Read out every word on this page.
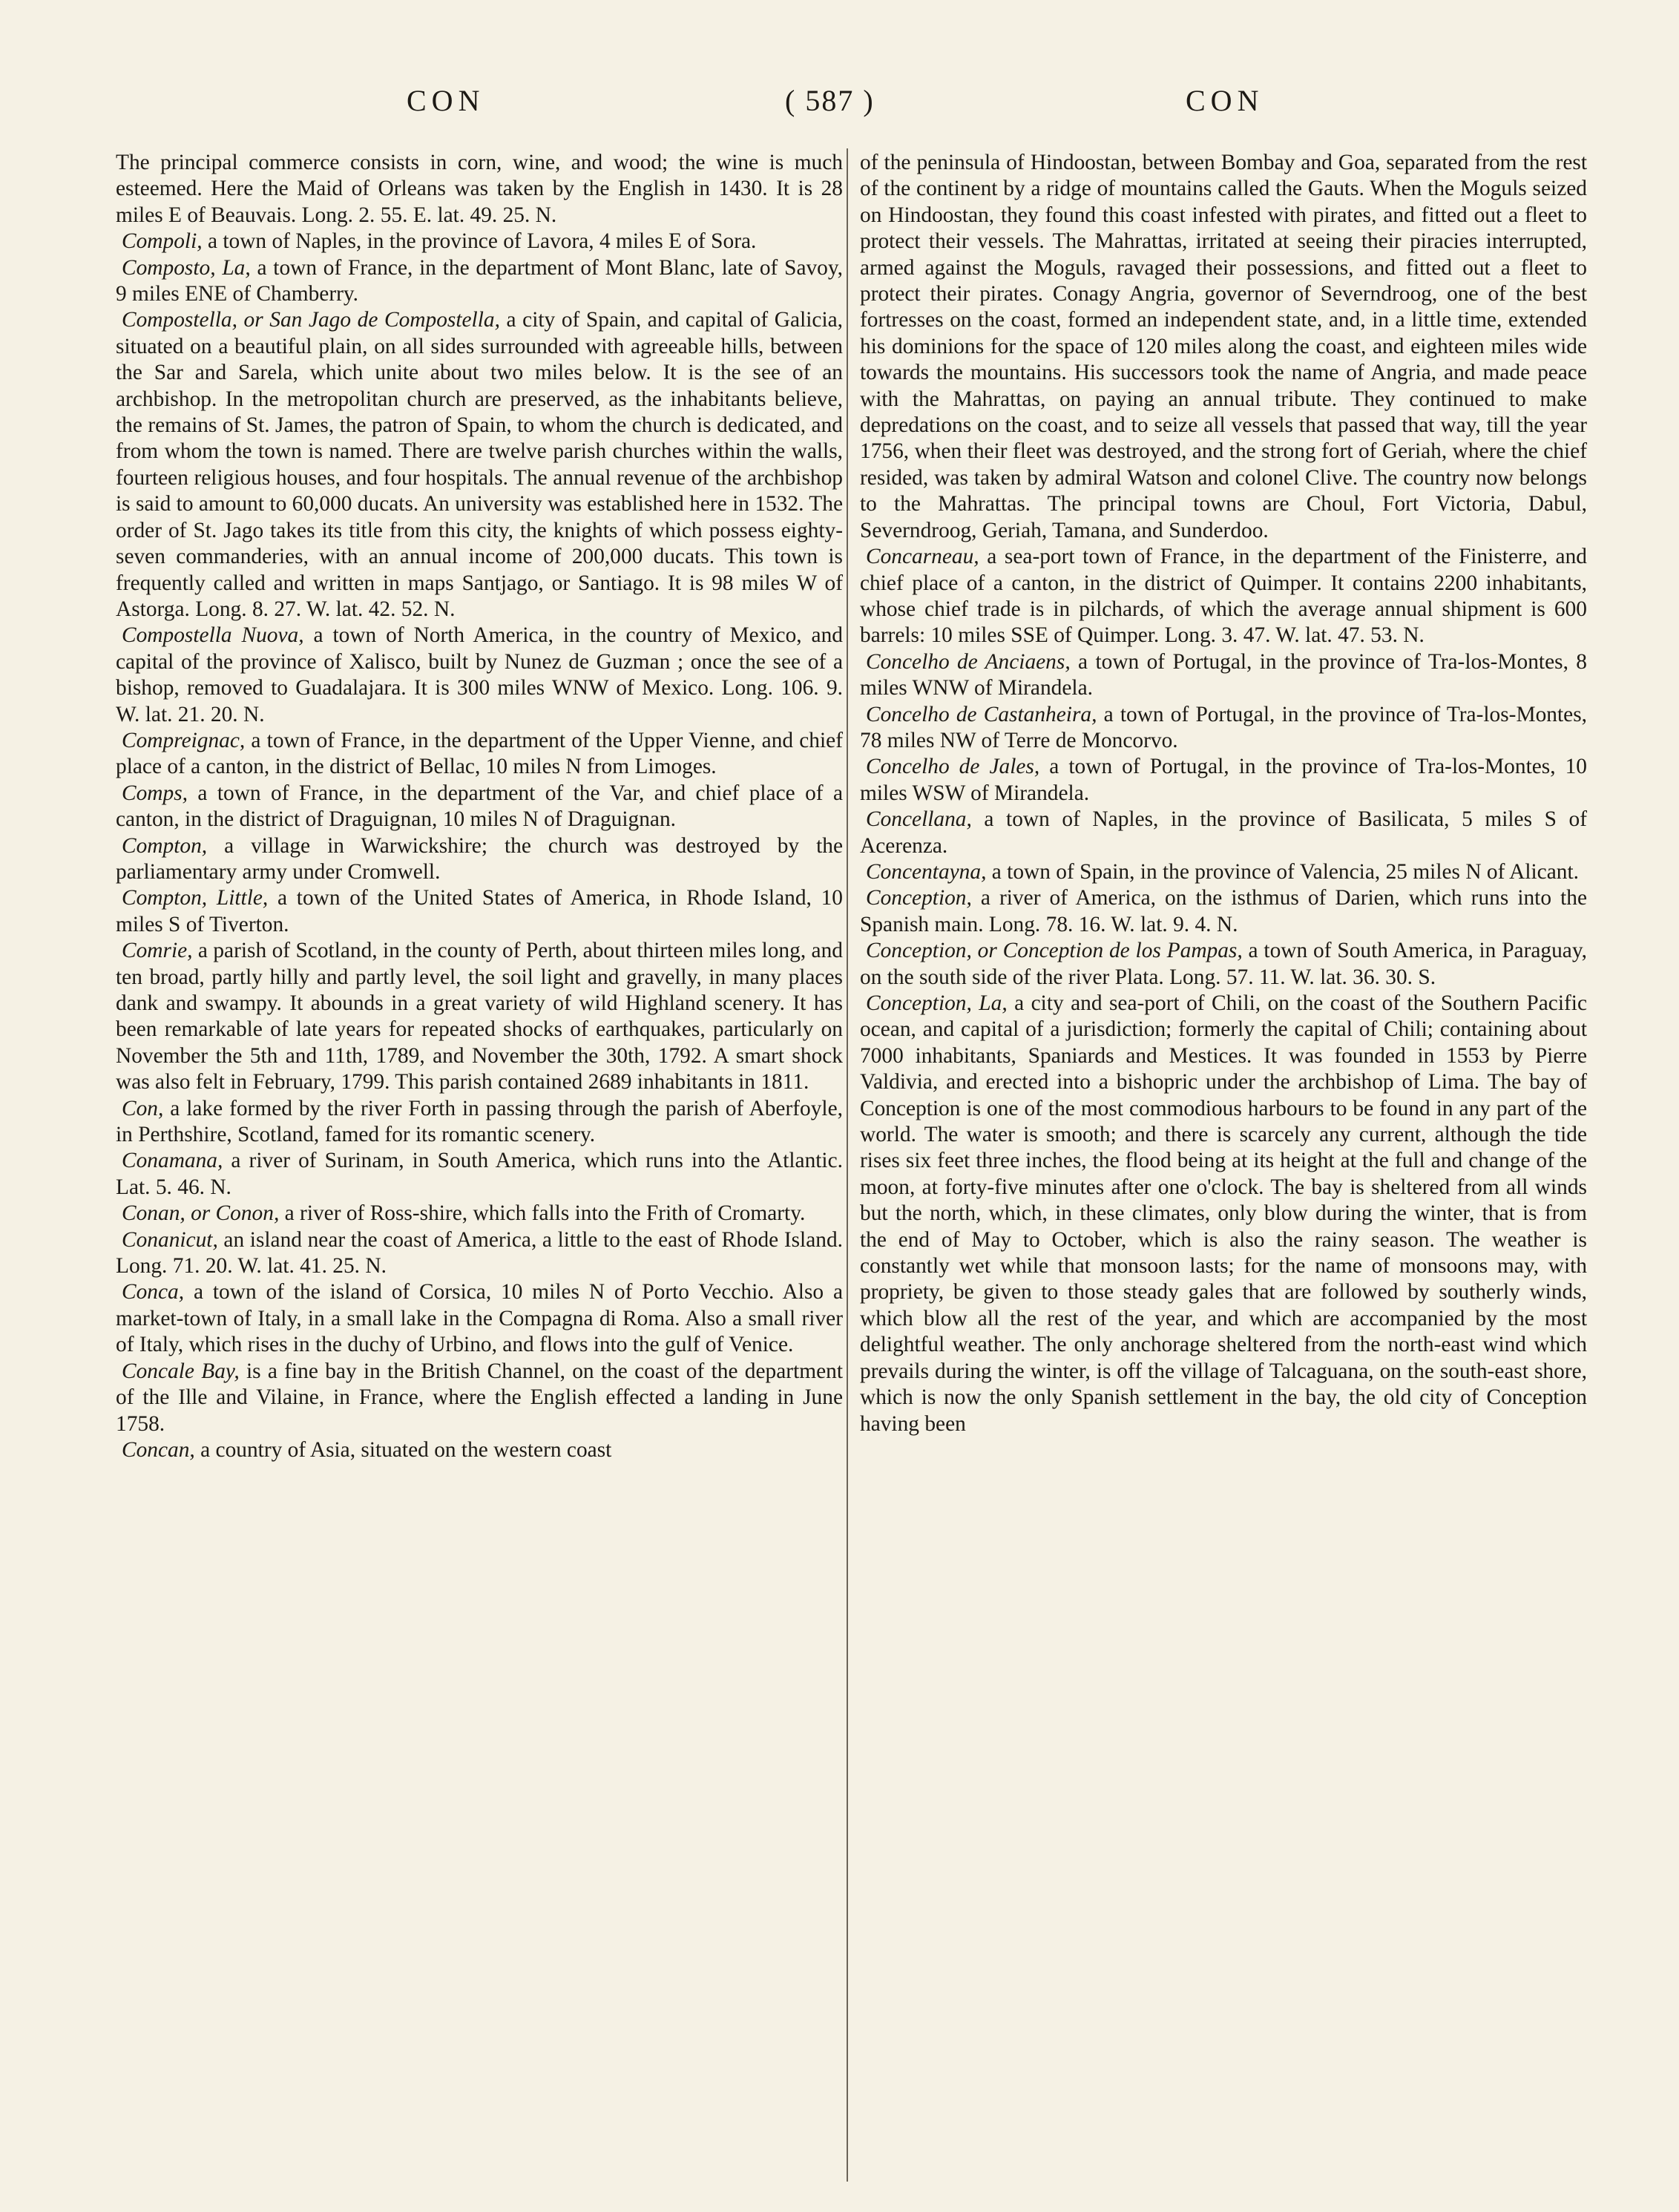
CON	( 587 )	CON

The principal commerce consists in corn, wine, and wood; the wine is much esteemed. Here the Maid of Orleans was taken by the English in 1430. It is 28 miles E of Beauvais. Long. 2. 55. E. lat. 49. 25. N.

Compoli, a town of Naples, in the province of Lavora, 4 miles E of Sora.

Composto, La, a town of France, in the department of Mont Blanc, late of Savoy, 9 miles ENE of Chamberry.

Compostella, or San Jago de Compostella, a city of Spain, and capital of Galicia, situated on a beautiful plain, on all sides surrounded with agreeable hills, between the Sar and Sarela, which unite about two miles below. It is the see of an archbishop. In the metropolitan church are preserved, as the inhabitants believe, the remains of St. James, the patron of Spain, to whom the church is dedicated, and from whom the town is named. There are twelve parish churches within the walls, fourteen religious houses, and four hospitals. The annual revenue of the archbishop is said to amount to 60,000 ducats. An university was established here in 1532. The order of St. Jago takes its title from this city, the knights of which possess eighty-seven commanderies, with an annual income of 200,000 ducats. This town is frequently called and written in maps Santjago, or Santiago. It is 98 miles W of Astorga. Long. 8. 27. W. lat. 42. 52. N.

Compostella Nuova, a town of North America, in the country of Mexico, and capital of the province of Xalisco, built by Nunez de Guzman ; once the see of a bishop, removed to Guadalajara. It is 300 miles WNW of Mexico. Long. 106. 9. W. lat. 21. 20. N.

Compreignac, a town of France, in the department of the Upper Vienne, and chief place of a canton, in the district of Bellac, 10 miles N from Limoges.

Comps, a town of France, in the department of the Var, and chief place of a canton, in the district of Draguignan, 10 miles N of Draguignan.

Compton, a village in Warwickshire; the church was destroyed by the parliamentary army under Cromwell.

Compton, Little, a town of the United States of America, in Rhode Island, 10 miles S of Tiverton.

Comrie, a parish of Scotland, in the county of Perth, about thirteen miles long, and ten broad, partly hilly and partly level, the soil light and gravelly, in many places dank and swampy. It abounds in a great variety of wild Highland scenery. It has been remarkable of late years for repeated shocks of earthquakes, particularly on November the 5th and 11th, 1789, and November the 30th, 1792. A smart shock was also felt in February, 1799. This parish contained 2689 inhabitants in 1811.

Con, a lake formed by the river Forth in passing through the parish of Aberfoyle, in Perthshire, Scotland, famed for its romantic scenery.

Conamana, a river of Surinam, in South America, which runs into the Atlantic. Lat. 5. 46. N.

Conan, or Conon, a river of Ross-shire, which falls into the Frith of Cromarty.

Conanicut, an island near the coast of America, a little to the east of Rhode Island. Long. 71. 20. W. lat. 41. 25. N.

Conca, a town of the island of Corsica, 10 miles N of Porto Vecchio. Also a market-town of Italy, in a small lake in the Compagna di Roma. Also a small river of Italy, which rises in the duchy of Urbino, and flows into the gulf of Venice.

Concale Bay, is a fine bay in the British Channel, on the coast of the department of the Ille and Vilaine, in France, where the English effected a landing in June 1758.

Concan, a country of Asia, situated on the western coast

of the peninsula of Hindoostan, between Bombay and Goa, separated from the rest of the continent by a ridge of mountains called the Gauts. When the Moguls seized on Hindoostan, they found this coast infested with pirates, and fitted out a fleet to protect their vessels. The Mahrattas, irritated at seeing their piracies interrupted, armed against the Moguls, ravaged their possessions, and fitted out a fleet to protect their pirates. Conagy Angria, governor of Severndroog, one of the best fortresses on the coast, formed an independent state, and, in a little time, extended his dominions for the space of 120 miles along the coast, and eighteen miles wide towards the mountains. His successors took the name of Angria, and made peace with the Mahrattas, on paying an annual tribute. They continued to make depredations on the coast, and to seize all vessels that passed that way, till the year 1756, when their fleet was destroyed, and the strong fort of Geriah, where the chief resided, was taken by admiral Watson and colonel Clive. The country now belongs to the Mahrattas. The principal towns are Choul, Fort Victoria, Dabul, Severndroog, Geriah, Tamana, and Sunderdoo.

Concarneau, a sea-port town of France, in the department of the Finisterre, and chief place of a canton, in the district of Quimper. It contains 2200 inhabitants, whose chief trade is in pilchards, of which the average annual shipment is 600 barrels: 10 miles SSE of Quimper. Long. 3. 47. W. lat. 47. 53. N.

Concelho de Anciaens, a town of Portugal, in the province of Tra-los-Montes, 8 miles WNW of Mirandela.

Concelho de Castanheira, a town of Portugal, in the province of Tra-los-Montes, 78 miles NW of Terre de Moncorvo.

Concelho de Jales, a town of Portugal, in the province of Tra-los-Montes, 10 miles WSW of Mirandela.

Concellana, a town of Naples, in the province of Basilicata, 5 miles S of Acerenza.

Concentayna, a town of Spain, in the province of Valencia, 25 miles N of Alicant.

Conception, a river of America, on the isthmus of Darien, which runs into the Spanish main. Long. 78. 16. W. lat. 9. 4. N.

Conception, or Conception de los Pampas, a town of South America, in Paraguay, on the south side of the river Plata. Long. 57. 11. W. lat. 36. 30. S.

Conception, La, a city and sea-port of Chili, on the coast of the Southern Pacific ocean, and capital of a jurisdiction; formerly the capital of Chili; containing about 7000 inhabitants, Spaniards and Mestices. It was founded in 1553 by Pierre Valdivia, and erected into a bishopric under the archbishop of Lima. The bay of Conception is one of the most commodious harbours to be found in any part of the world. The water is smooth; and there is scarcely any current, although the tide rises six feet three inches, the flood being at its height at the full and change of the moon, at forty-five minutes after one o'clock. The bay is sheltered from all winds but the north, which, in these climates, only blow during the winter, that is from the end of May to October, which is also the rainy season. The weather is constantly wet while that monsoon lasts; for the name of monsoons may, with propriety, be given to those steady gales that are followed by southerly winds, which blow all the rest of the year, and which are accompanied by the most delightful weather. The only anchorage sheltered from the north-east wind which prevails during the winter, is off the village of Talcaguana, on the south-east shore, which is now the only Spanish settlement in the bay, the old city of Conception having been
